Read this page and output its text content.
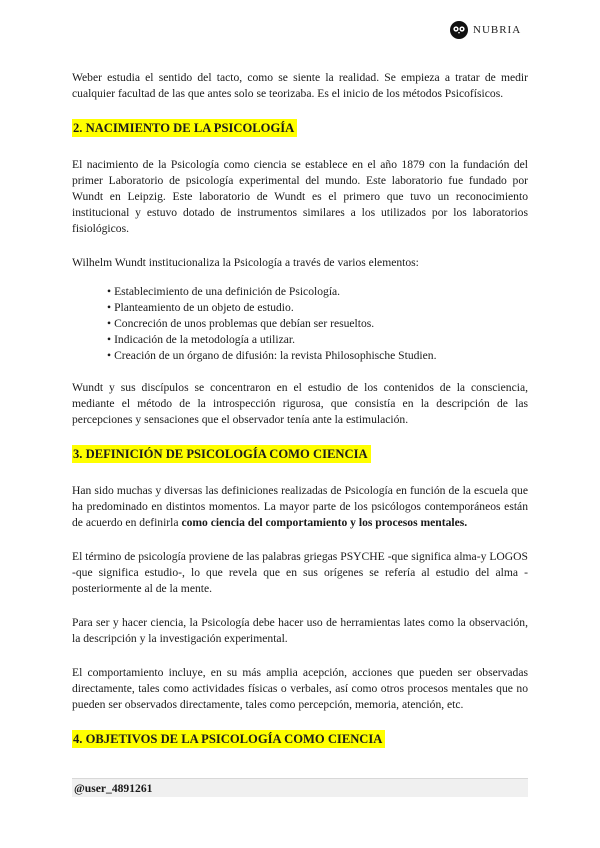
NUBRIA

Weber estudia el sentido del tacto, como se siente la realidad. Se empieza a tratar de medir cualquier facultad de las que antes solo se teorizaba. Es el inicio de los métodos Psicofísicos.

2. NACIMIENTO DE LA PSICOLOGÍA

El nacimiento de la Psicología como ciencia se establece en el año 1879 con la fundación del primer Laboratorio de psicología experimental del mundo. Este laboratorio fue fundado por Wundt en Leipzig. Este laboratorio de Wundt es el primero que tuvo un reconocimiento institucional y estuvo dotado de instrumentos similares a los utilizados por los laboratorios fisiológicos.

Wilhelm Wundt institucionaliza la Psicología a través de varios elementos:

• Establecimiento de una definición de Psicología.
• Planteamiento de un objeto de estudio.
• Concreción de unos problemas que debían ser resueltos.
• Indicación de la metodología a utilizar.
• Creación de un órgano de difusión: la revista Philosophische Studien.

Wundt y sus discípulos se concentraron en el estudio de los contenidos de la consciencia, mediante el método de la introspección rigurosa, que consistía en la descripción de las percepciones y sensaciones que el observador tenía ante la estimulación.

3. DEFINICIÓN DE PSICOLOGÍA COMO CIENCIA

Han sido muchas y diversas las definiciones realizadas de Psicología en función de la escuela que ha predominado en distintos momentos. La mayor parte de los psicólogos contemporáneos están de acuerdo en definirla como ciencia del comportamiento y los procesos mentales.

El término de psicología proviene de las palabras griegas PSYCHE -que significa alma-y LOGOS -que significa estudio-, lo que revela que en sus orígenes se refería al estudio del alma -posteriormente al de la mente.

Para ser y hacer ciencia, la Psicología debe hacer uso de herramientas lates como la observación, la descripción y la investigación experimental.

El comportamiento incluye, en su más amplia acepción, acciones que pueden ser observadas directamente, tales como actividades físicas o verbales, así como otros procesos mentales que no pueden ser observados directamente, tales como percepción, memoria, atención, etc.

4. OBJETIVOS DE LA PSICOLOGÍA COMO CIENCIA
@user_4891261
